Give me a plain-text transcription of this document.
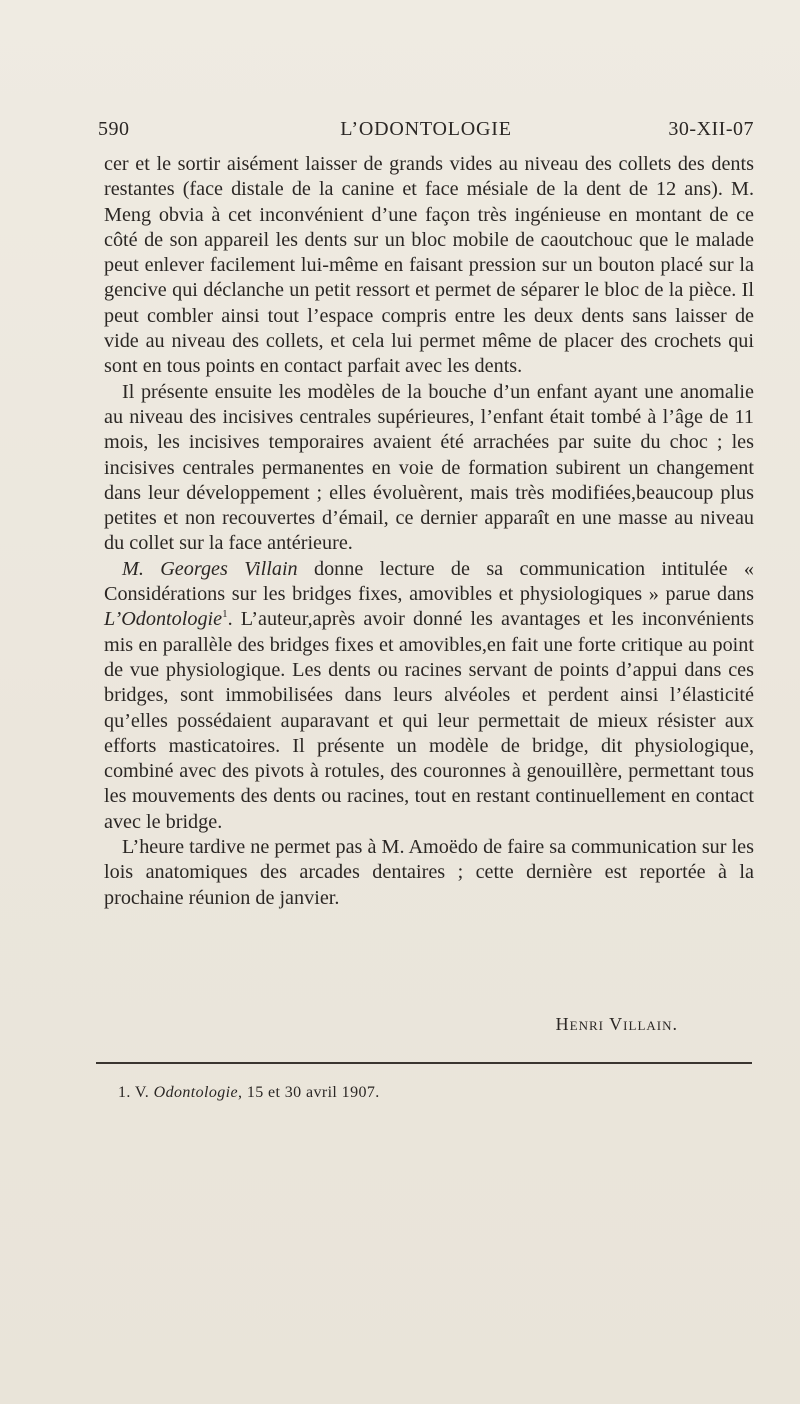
590	L’ODONTOLOGIE	30-XII-07

cer et le sortir aisément laisser de grands vides au niveau des collets des dents restantes (face distale de la canine et face mésiale de la dent de 12 ans). M. Meng obvia à cet inconvénient d’une façon très ingénieuse en montant de ce côté de son appareil les dents sur un bloc mobile de caoutchouc que le malade peut enlever facilement lui-même en faisant pression sur un bouton placé sur la gencive qui déclanche un petit ressort et permet de séparer le bloc de la pièce. Il peut combler ainsi tout l’espace compris entre les deux dents sans laisser de vide au niveau des collets, et cela lui permet même de placer des crochets qui sont en tous points en contact parfait avec les dents.

Il présente ensuite les modèles de la bouche d’un enfant ayant une anomalie au niveau des incisives centrales supérieures, l’enfant était tombé à l’âge de 11 mois, les incisives temporaires avaient été arrachées par suite du choc ; les incisives centrales permanentes en voie de formation subirent un changement dans leur développement ; elles évoluèrent, mais très modifiées,beaucoup plus petites et non recouvertes d’émail, ce dernier apparaît en une masse au niveau du collet sur la face antérieure.

M. Georges Villain donne lecture de sa communication intitulée « Considérations sur les bridges fixes, amovibles et physiologiques » parue dans L’Odontologie$^1$. L’auteur,après avoir donné les avantages et les inconvénients mis en parallèle des bridges fixes et amovibles,en fait une forte critique au point de vue physiologique. Les dents ou racines servant de points d’appui dans ces bridges, sont immobilisées dans leurs alvéoles et perdent ainsi l’élasticité qu’elles possédaient auparavant et qui leur permettait de mieux résister aux efforts masticatoires. Il présente un modèle de bridge, dit physiologique, combiné avec des pivots à rotules, des couronnes à genouillère, permettant tous les mouvements des dents ou racines, tout en restant continuellement en contact avec le bridge.

L’heure tardive ne permet pas à M. Amoëdo de faire sa communication sur les lois anatomiques des arcades dentaires ; cette dernière est reportée à la prochaine réunion de janvier.

Henri Villain.
1. V. Odontologie, 15 et 30 avril 1907.
